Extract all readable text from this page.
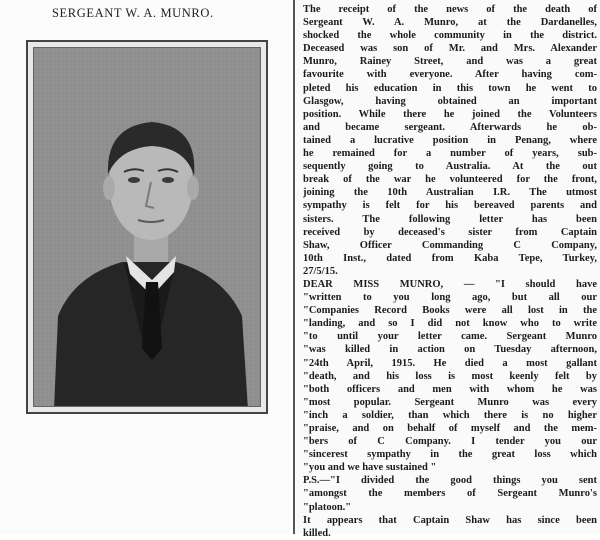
SERGEANT W. A. MUNRO.	The receipt of the news of the death of
Sergeant W. A. Munro, at the Dardanelles,
shocked the whole community in the district.
Deceased was son of Mr. and Mrs. Alexander
Munro, Rainey Street, and was a great
favourite with everyone. After having com-
pleted his education in this town he went to
Glasgow, having obtained an important
position. While there he joined the Volunteers
and became sergeant. Afterwards he ob-
tained a lucrative position in Penang, where
he remained for a number of years, sub-
sequently going to Australia. At the out
break of the war he volunteered for the front,
joining the 10th Australian I.R. The utmost
sympathy is felt for his bereaved parents and
sisters. The following letter has been
received by deceased's sister from Captain
Shaw, Officer Commanding C Company,
10th Inst., dated from Kaba Tepe, Turkey,
27/5/15.
DEAR MISS MUNRO, — "I should have
"written to you long ago, but all our
"Companies Record Books were all lost in the
"landing, and so I did not know who to write
"to until your letter came. Sergeant Munro
"was killed in action on Tuesday afternoon,
"24th April, 1915. He died a most gallant
"death, and his loss is most keenly felt by
"both officers and men with whom he was
"most popular. Sergeant Munro was every
"inch a soldier, than which there is no higher
"praise, and on behalf of myself and the mem-
"bers of C Company. I tender you our
"sincerest sympathy in the great loss which
"you and we have sustained "
P.S.—"I divided the good things you sent
"amongst the members of Sergeant Munro's
"platoon."
It appears that Captain Shaw has since been
killed.
